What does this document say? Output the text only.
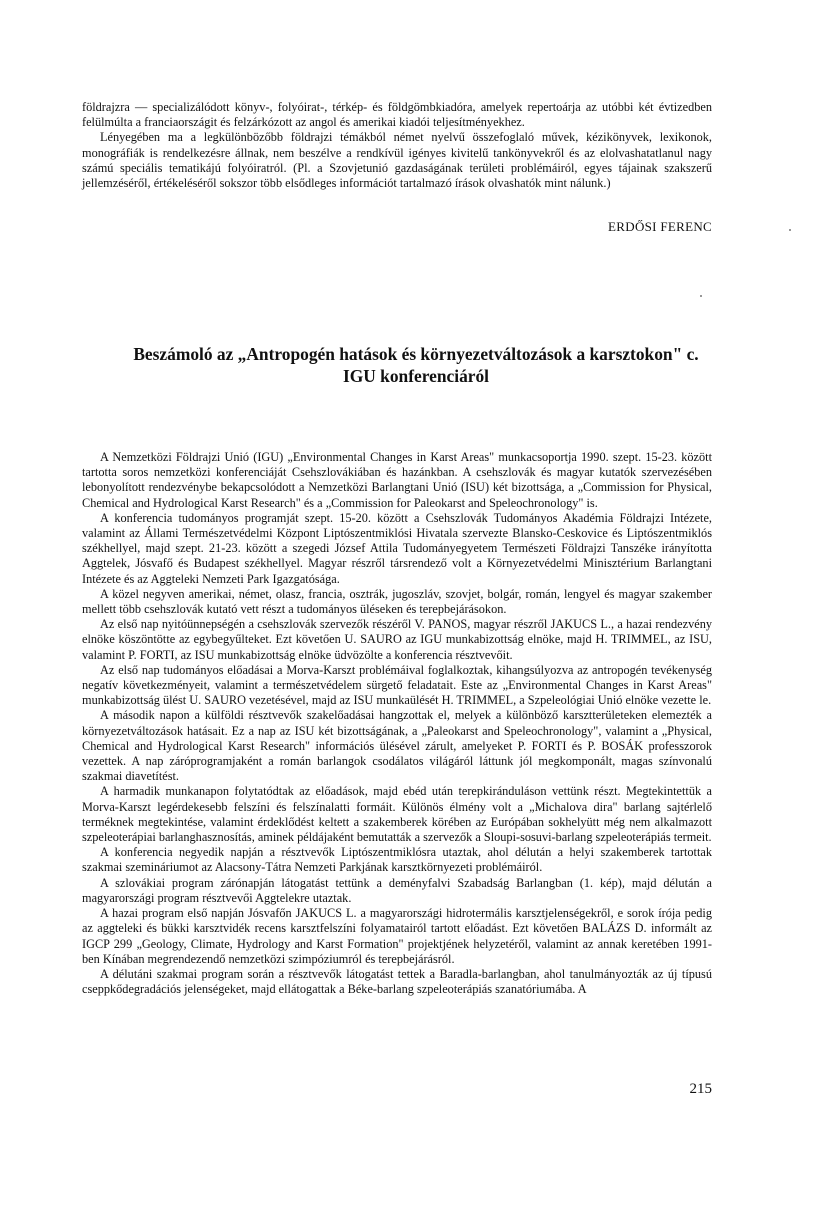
földrajzra — specializálódott könyv-, folyóirat-, térkép- és földgömbkiadóra, amelyek repertoárja az utóbbi két évtizedben felülmúlta a franciaországit és felzárkózott az angol és amerikai kiadói teljesítményekhez.

Lényegében ma a legkülönbözőbb földrajzi témákból német nyelvű összefoglaló művek, kézikönyvek, lexikonok, monográfiák is rendelkezésre állnak, nem beszélve a rendkívül igényes kivitelű tankönyvekről és az elolvashatatlanul nagy számú speciális tematikájú folyóiratról. (Pl. a Szovjetunió gazdaságának területi problémáiról, egyes tájainak szakszerű jellemzéséről, értékeléséről sokszor több elsődleges információt tartalmazó írások olvashatók mint nálunk.)

ERDŐSI FERENC
Beszámoló az „Antropogén hatások és környezetváltozások a karsztokon" c.
IGU konferenciáról

A Nemzetközi Földrajzi Unió (IGU) „Environmental Changes in Karst Areas" munkacsoportja 1990. szept. 15-23. között tartotta soros nemzetközi konferenciáját Csehszlovákiában és hazánkban. A csehszlovák és magyar kutatók szervezésében lebonyolított rendezvénybe bekapcsolódott a Nemzetközi Barlangtani Unió (ISU) két bizottsága, a „Commission for Physical, Chemical and Hydrological Karst Research" és a „Commission for Paleokarst and Speleochronology" is.

A konferencia tudományos programját szept. 15-20. között a Csehszlovák Tudományos Akadémia Földrajzi Intézete, valamint az Állami Természetvédelmi Központ Liptószentmiklósi Hivatala szervezte Blansko-Ceskovice és Liptószentmiklós székhellyel, majd szept. 21-23. között a szegedi József Attila Tudományegyetem Természeti Földrajzi Tanszéke irányította Aggtelek, Jósvafő és Budapest székhellyel. Magyar részről társrendező volt a Környezetvédelmi Minisztérium Barlangtani Intézete és az Aggteleki Nemzeti Park Igazgatósága.

A közel negyven amerikai, német, olasz, francia, osztrák, jugoszláv, szovjet, bolgár, román, lengyel és magyar szakember mellett több csehszlovák kutató vett részt a tudományos üléseken és terepbejárásokon.

Az első nap nyitóünnepségén a csehszlovák szervezők részéről V. PANOS, magyar részről JAKUCS L., a hazai rendezvény elnöke köszöntötte az egybegyűlteket. Ezt követően U. SAURO az IGU munkabizottság elnöke, majd H. TRIMMEL, az ISU, valamint P. FORTI, az ISU munkabizottság elnöke üdvözölte a konferencia résztvevőit.

Az első nap tudományos előadásai a Morva-Karszt problémáival foglalkoztak, kihangsúlyozva az antropogén tevékenység negatív következményeit, valamint a természetvédelem sürgető feladatait. Este az „Environmental Changes in Karst Areas" munkabizottság ülést U. SAURO vezetésével, majd az ISU munkaülését H. TRIMMEL, a Szpeleológiai Unió elnöke vezette le.

A második napon a külföldi résztvevők szakelőadásai hangzottak el, melyek a különböző karsztterületeken elemezték a környezetváltozások hatásait. Ez a nap az ISU két bizottságának, a „Paleokarst and Speleochronology", valamint a „Physical, Chemical and Hydrological Karst Research" információs ülésével zárult, amelyeket P. FORTI és P. BOSÁK professzorok vezettek. A nap záróprogramjaként a román barlangok csodálatos világáról láttunk jól megkomponált, magas színvonalú szakmai diavetítést.

A harmadik munkanapon folytatódtak az előadások, majd ebéd után terepkiránduláson vettünk részt. Megtekintettük a Morva-Karszt legérdekesebb felszíni és felszínalatti formáit. Különös élmény volt a „Michalova dira" barlang sajtérlelő terméknek megtekintése, valamint érdeklődést keltett a szakemberek körében az Európában sokhelyütt még nem alkalmazott szpeleoterápiai barlanghasznosítás, aminek példájaként bemutatták a szervezők a Sloupi-sosuvi-barlang szpeleoterápiás termeit.

A konferencia negyedik napján a résztvevők Liptószentmiklósra utaztak, ahol délután a helyi szakemberek tartottak szakmai szemináriumot az Alacsony-Tátra Nemzeti Parkjának karsztkörnyezeti problémáiról.

A szlovákiai program zárónapján látogatást tettünk a deményfalvi Szabadság Barlangban (1. kép), majd délután a magyarországi program résztvevői Aggtelekre utaztak.

A hazai program első napján Jósvafőn JAKUCS L. a magyarországi hidrotermális karsztjelenségekről, e sorok írója pedig az aggteleki és bükki karsztvidék recens karsztfelszíni folyamatairól tartott előadást. Ezt követően BALÁZS D. informált az IGCP 299 „Geology, Climate, Hydrology and Karst Formation" projektjének helyzetéről, valamint az annak keretében 1991-ben Kínában megrendezendő nemzetközi szimpóziumról és terepbejárásról.

A délutáni szakmai program során a résztvevők látogatást tettek a Baradla-barlangban, ahol tanulmányozták az új típusú cseppkődegradációs jelenségeket, majd ellátogattak a Béke-barlang szpeleoterápiás szanatóriumába. A

215
